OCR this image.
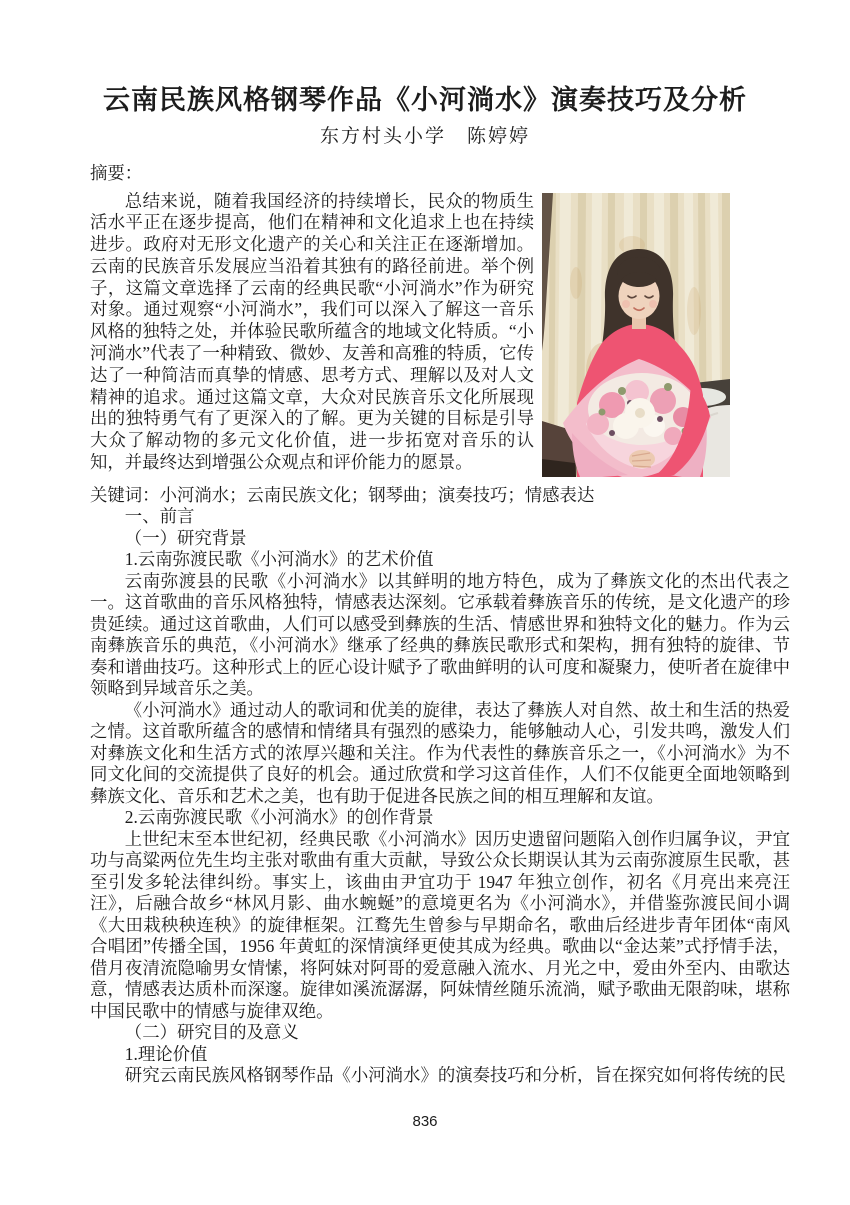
云南民族风格钢琴作品《小河淌水》演奏技巧及分析
东方村头小学　陈婷婷

摘要：

总结来说，随着我国经济的持续增长，民众的物质生活水平正在逐步提高，他们在精神和文化追求上也在持续进步。政府对无形文化遗产的关心和关注正在逐渐增加。云南的民族音乐发展应当沿着其独有的路径前进。举个例子，这篇文章选择了云南的经典民歌“小河淌水”作为研究对象。通过观察“小河淌水”，我们可以深入了解这一音乐风格的独特之处，并体验民歌所蕴含的地域文化特质。“小河淌水”代表了一种精致、微妙、友善和高雅的特质，它传达了一种简洁而真挚的情感、思考方式、理解以及对人文精神的追求。通过这篇文章，大众对民族音乐文化所展现出的独特勇气有了更深入的了解。更为关键的目标是引导大众了解动物的多元文化价值，进一步拓宽对音乐的认知，并最终达到增强公众观点和评价能力的愿景。

关键词：小河淌水；云南民族文化；钢琴曲；演奏技巧；情感表达

一、前言

（一）研究背景

1.云南弥渡民歌《小河淌水》的艺术价值

云南弥渡县的民歌《小河淌水》以其鲜明的地方特色，成为了彝族文化的杰出代表之一。这首歌曲的音乐风格独特，情感表达深刻。它承载着彝族音乐的传统，是文化遗产的珍贵延续。通过这首歌曲，人们可以感受到彝族的生活、情感世界和独特文化的魅力。作为云南彝族音乐的典范，《小河淌水》继承了经典的彝族民歌形式和架构，拥有独特的旋律、节奏和谱曲技巧。这种形式上的匠心设计赋予了歌曲鲜明的认可度和凝聚力，使听者在旋律中领略到异域音乐之美。

《小河淌水》通过动人的歌词和优美的旋律，表达了彝族人对自然、故土和生活的热爱之情。这首歌所蕴含的感情和情绪具有强烈的感染力，能够触动人心，引发共鸣，激发人们对彝族文化和生活方式的浓厚兴趣和关注。作为代表性的彝族音乐之一，《小河淌水》为不同文化间的交流提供了良好的机会。通过欣赏和学习这首佳作，人们不仅能更全面地领略到彝族文化、音乐和艺术之美，也有助于促进各民族之间的相互理解和友谊。

2.云南弥渡民歌《小河淌水》的创作背景

上世纪末至本世纪初，经典民歌《小河淌水》因历史遗留问题陷入创作归属争议，尹宜功与高粱两位先生均主张对歌曲有重大贡献，导致公众长期误认其为云南弥渡原生民歌，甚至引发多轮法律纠纷。事实上，该曲由尹宜功于 1947 年独立创作，初名《月亮出来亮汪汪》，后融合故乡“林风月影、曲水蜿蜒”的意境更名为《小河淌水》，并借鉴弥渡民间小调《大田栽秧秧连秧》的旋律框架。江鹜先生曾参与早期命名，歌曲后经进步青年团体“南风合唱团”传播全国，1956 年黄虹的深情演绎更使其成为经典。歌曲以“金达莱”式抒情手法，借月夜清流隐喻男女情愫，将阿妹对阿哥的爱意融入流水、月光之中，爱由外至内、由歌达意，情感表达质朴而深邃。旋律如溪流潺潺，阿妹情丝随乐流淌，赋予歌曲无限韵味，堪称中国民歌中的情感与旋律双绝。

（二）研究目的及意义

1.理论价值

研究云南民族风格钢琴作品《小河淌水》的演奏技巧和分析，旨在探究如何将传统的民

836
